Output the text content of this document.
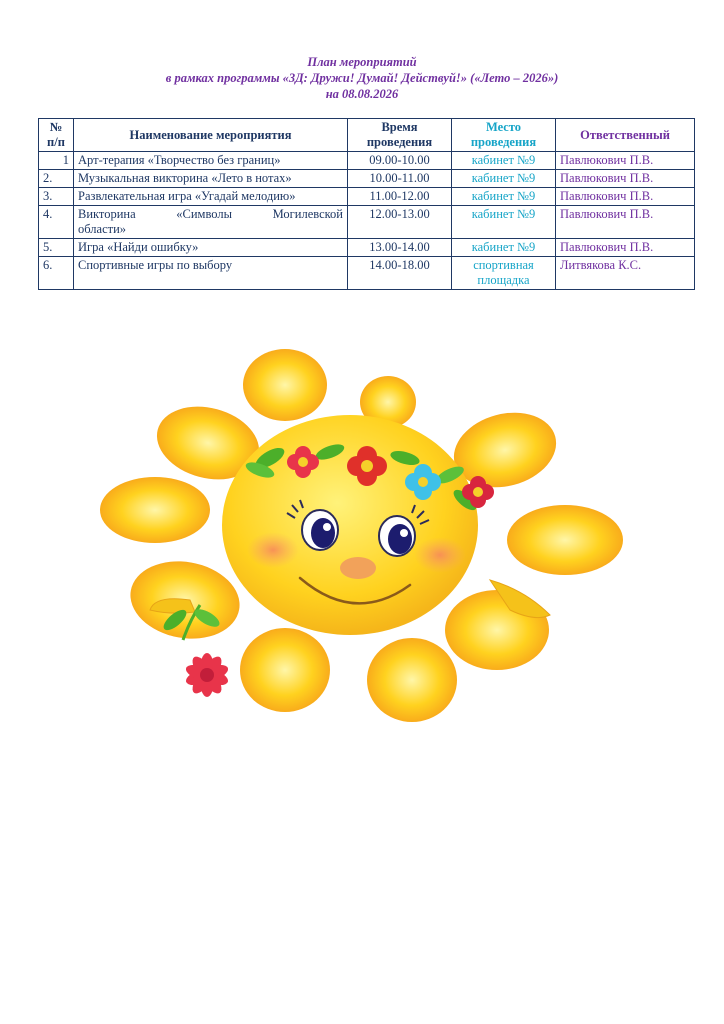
План мероприятий
в рамках программы «3Д: Дружи! Думай! Действуй!» («Лето – 2026»)
на 08.08.2026
№ п/п	Наименование мероприятия	Время проведения	Место проведения	Ответственный
1	Арт-терапия «Творчество без границ»	09.00-10.00	кабинет №9	Павлюкович П.В.
2.	Музыкальная викторина «Лето в нотах»	10.00-11.00	кабинет №9	Павлюкович П.В.
3.	Развлекательная игра «Угадай мелодию»	11.00-12.00	кабинет №9	Павлюкович П.В.
4.	Викторина «Символы Могилевской области»	12.00-13.00	кабинет №9	Павлюкович П.В.
5.	Игра «Найди ошибку»	13.00-14.00	кабинет №9	Павлюкович П.В.
6.	Спортивные игры по выбору	14.00-18.00	спортивная площадка	Литвякова К.С.
